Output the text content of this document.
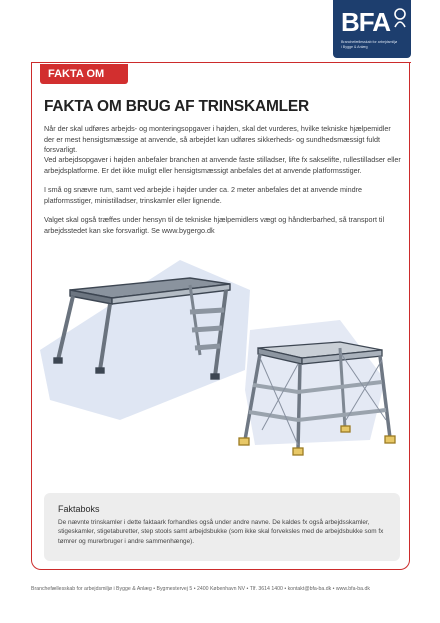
BFA
Branchefællesskab for arbejdsmiljø
i Bygge & Anlæg
FAKTA OM
FAKTA OM BRUG AF TRINSKAMLER

Når der skal udføres arbejds- og monteringsopgaver i højden, skal det vurderes, hvilke tekniske hjælpemidler der er mest hensigtsmæssige at anvende, så arbejdet kan udføres sikkerheds- og sundhedsmæssigt fuldt forsvarligt.

Ved arbejdsopgaver i højden anbefaler branchen at anvende faste stilladser, lifte fx sakselifte, rullestilladser eller arbejdsplatforme. Er det ikke muligt eller hensigtsmæssigt anbefales det at anvende platformsstiger.

I små og snævre rum, samt ved arbejde i højder under ca. 2 meter anbefales det at anvende mindre platformsstiger, ministilladser, trinskamler eller lignende.

Valget skal også træffes under hensyn til de tekniske hjælpemidlers vægt og håndterbarhed, så transport til arbejdsstedet kan ske forsvarligt. Se www.bygergo.dk

Faktaboks
De nævnte trinskamler i dette faktaark forhandles også under andre navne. De kaldes fx også arbejdsskamler, stigeskamler, stigetaburetter, step stools samt arbejdsbukke (som ikke skal forveksles med de arbejdsbukke som fx tømrer og murerbruger i andre sammenhænge).
Branchefællesskab for arbejdsmiljø i Bygge & Anlæg • Bygmestervej 5 • 2400 København NV • Tlf. 3614 1400 • kontakt@bfa-ba.dk • www.bfa-ba.dk
